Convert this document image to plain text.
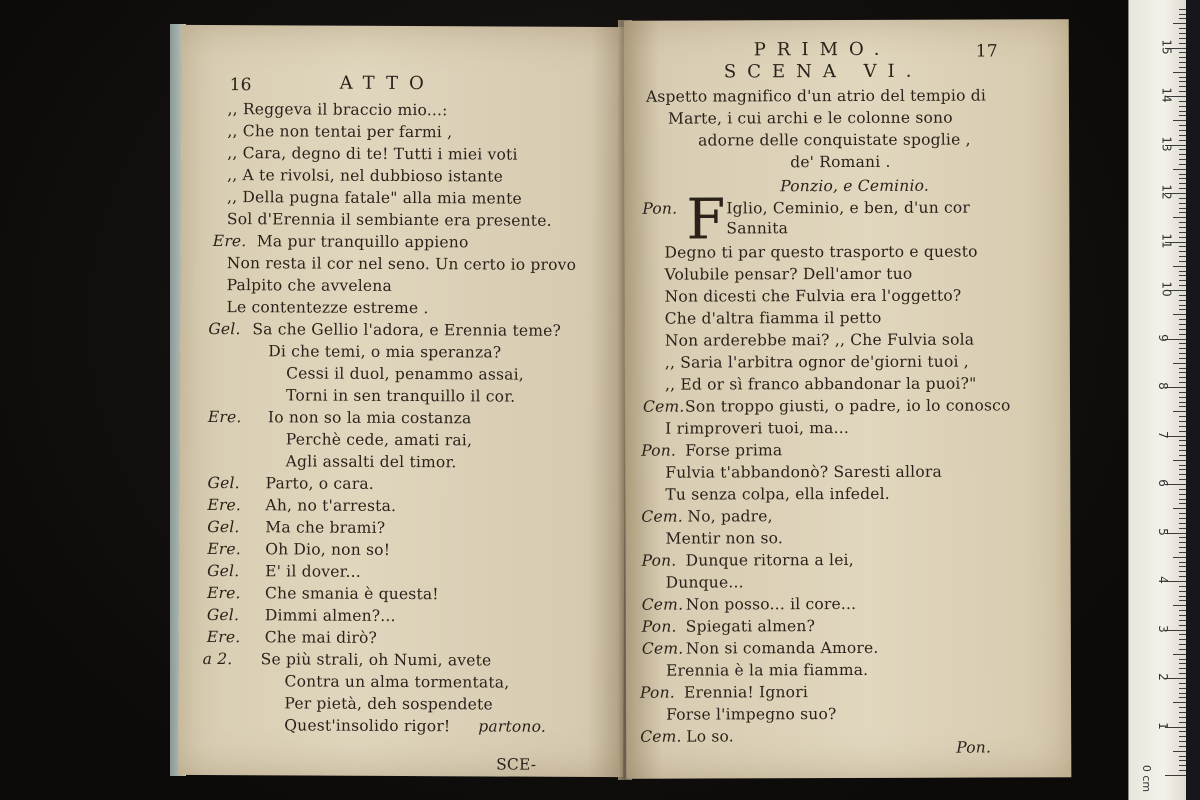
16	ATTO
,, Reggeva il braccio mio...:
,, Che non tentai per farmi ,
,, Cara, degno di te! Tutti i miei voti
,, A te rivolsi, nel dubbioso istante
,, Della pugna fatale" alla mia mente
Sol d'Erennia il sembiante era presente.
Ere. Ma pur tranquillo appieno
Non resta il cor nel seno. Un certo io provo
Palpito che avvelena
Le contentezze estreme .
Gel. Sa che Gellio l'adora, e Erennia teme?
Di che temi, o mia speranza?
Cessi il duol, penammo assai,
Torni in sen tranquillo il cor.
Ere. Io non so la mia costanza
Perchè cede, amati rai,
Agli assalti del timor.
Gel. Parto, o cara.
Ere. Ah, no t'arresta.
Gel. Ma che brami?
Ere. Oh Dio, non so!
Gel. E' il dover...
Ere. Che smania è questa!
Gel. Dimmi almen?...
Ere. Che mai dirò?
a 2. Se più strali, oh Numi, avete
Contra un alma tormentata,
Per pietà, deh sospendete
Quest'insolido rigor! partono.
SCE-
PRIMO.	17
SCENA VI.
Aspetto magnifico d'un atrio del tempio di
Marte, i cui archi e le colonne sono
adorne delle conquistate spoglie ,
de' Romani .
Ponzio, e Ceminio.
Pon. F Iglio, Ceminio, e ben, d'un cor
Sannita
Degno ti par questo trasporto e questo
Volubile pensar? Dell'amor tuo
Non dicesti che Fulvia era l'oggetto?
Che d'altra fiamma il petto
Non arderebbe mai? ,, Che Fulvia sola
,, Saria l'arbitra ognor de'giorni tuoi ,
,, Ed or sì franco abbandonar la puoi?"
Cem. Son troppo giusti, o padre, io lo conosco
I rimproveri tuoi, ma...
Pon. Forse prima
Fulvia t'abbandonò? Saresti allora
Tu senza colpa, ella infedel.
Cem. No, padre,
Mentir non so.
Pon. Dunque ritorna a lei,
Dunque...
Cem. Non posso... il core...
Pon. Spiegati almen?
Cem. Non si comanda Amore.
Erennia è la mia fiamma.
Pon. Erennia! Ignori
Forse l'impegno suo?
Cem. Lo so.
Pon.
1
2
3
4
5
6
7
8
9
10
11
12
13
14
15
0 cm
